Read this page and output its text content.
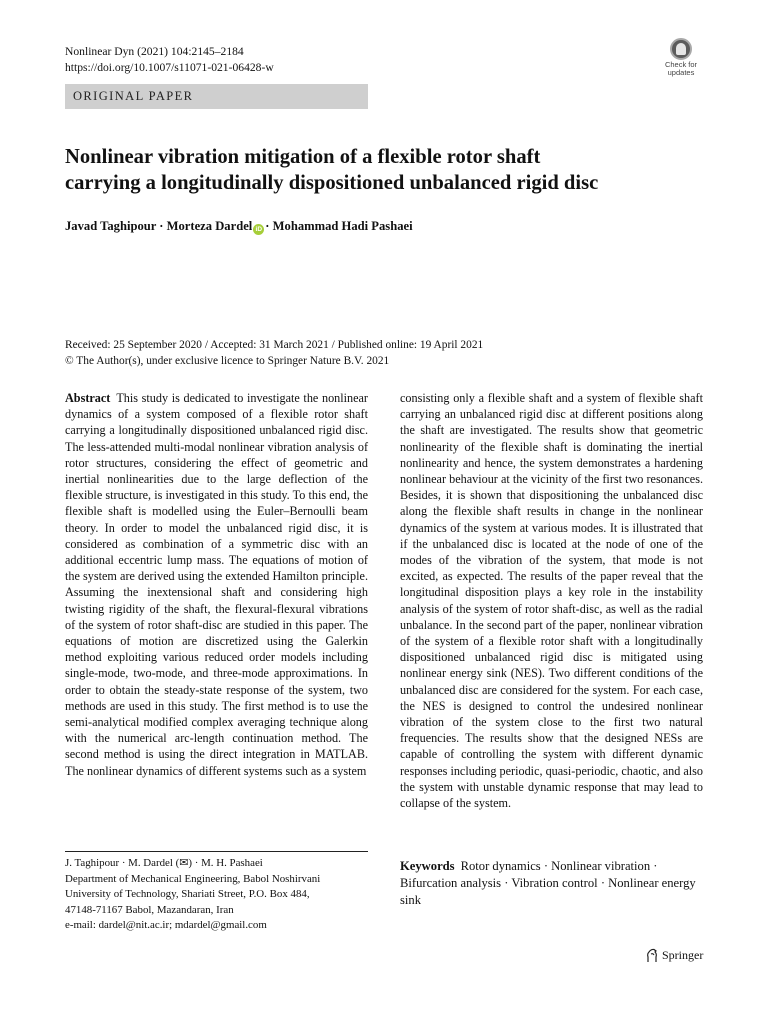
Nonlinear Dyn (2021) 104:2145–2184
https://doi.org/10.1007/s11071-021-06428-w	Check for
updates
ORIGINAL PAPER
Nonlinear vibration mitigation of a flexible rotor shaft
carrying a longitudinally dispositioned unbalanced rigid disc
Javad Taghipour · Morteza Dardel iD · Mohammad Hadi Pashaei
Received: 25 September 2020 / Accepted: 31 March 2021 / Published online: 19 April 2021
© The Author(s), under exclusive licence to Springer Nature B.V. 2021

Abstract This study is dedicated to investigate the nonlinear dynamics of a system composed of a flexible rotor shaft carrying a longitudinally dispositioned unbalanced rigid disc. The less-attended multi-modal nonlinear vibration analysis of rotor structures, considering the effect of geometric and inertial nonlinearities due to the large deflection of the flexible structure, is investigated in this study. To this end, the flexible shaft is modelled using the Euler–Bernoulli beam theory. In order to model the unbalanced rigid disc, it is considered as combination of a symmetric disc with an additional eccentric lump mass. The equations of motion of the system are derived using the extended Hamilton principle. Assuming the inextensional shaft and considering high twisting rigidity of the shaft, the flexural-flexural vibrations of the system of rotor shaft-disc are studied in this paper. The equations of motion are discretized using the Galerkin method exploiting various reduced order models including single-mode, two-mode, and three-mode approximations. In order to obtain the steady-state response of the system, two methods are used in this study. The first method is to use the semi-analytical modified complex averaging technique along with the numerical arc-length continuation method. The second method is using the direct integration in MATLAB. The nonlinear dynamics of different systems such as a system

consisting only a flexible shaft and a system of flexible shaft carrying an unbalanced rigid disc at different positions along the shaft are investigated. The results show that geometric nonlinearity of the flexible shaft is dominating the inertial nonlinearity and hence, the system demonstrates a hardening nonlinear behaviour at the vicinity of the first two resonances. Besides, it is shown that dispositioning the unbalanced disc along the flexible shaft results in change in the nonlinear dynamics of the system at various modes. It is illustrated that if the unbalanced disc is located at the node of one of the modes of the vibration of the system, that mode is not excited, as expected. The results of the paper reveal that the longitudinal disposition plays a key role in the instability analysis of the system of rotor shaft-disc, as well as the radial unbalance. In the second part of the paper, nonlinear vibration of the system of a flexible rotor shaft with a longitudinally dispositioned unbalanced rigid disc is mitigated using nonlinear energy sink (NES). Two different conditions of the unbalanced disc are considered for the system. For each case, the NES is designed to control the undesired nonlinear vibration of the system close to the first two natural frequencies. The results show that the designed NESs are capable of controlling the system with different dynamic responses including periodic, quasi-periodic, chaotic, and also the system with unstable dynamic response that may lead to collapse of the system.

J. Taghipour · M. Dardel (✉) · M. H. Pashaei
Department of Mechanical Engineering, Babol Noshirvani
University of Technology, Shariati Street, P.O. Box 484,
47148-71167 Babol, Mazandaran, Iran
e-mail: dardel@nit.ac.ir; mdardel@gmail.com

Keywords Rotor dynamics · Nonlinear vibration · Bifurcation analysis · Vibration control · Nonlinear energy sink

Springer
